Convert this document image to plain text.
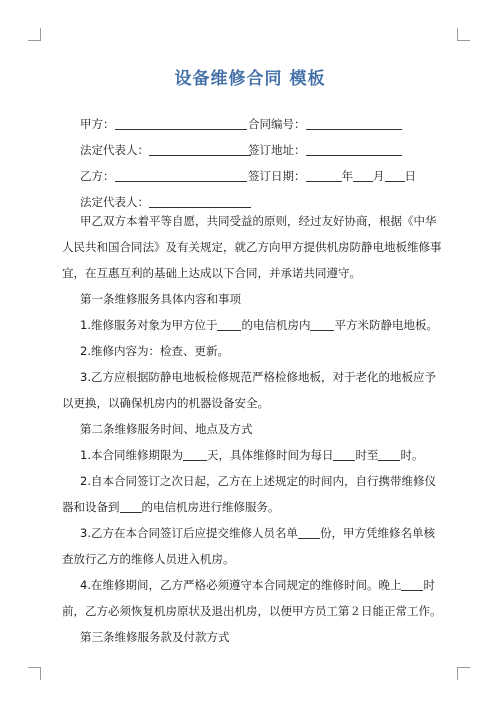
设备维修合同 模板
甲方：	合同编号：
法定代表人：	签订地址：
乙方：	签订日期：	年 月 日
法定代表人：

甲乙双方本着平等自愿，共同受益的原则，经过友好协商，根据《中华人民共和国合同法》及有关规定，就乙方向甲方提供机房防静电地板维修事宜，在互惠互利的基础上达成以下合同，并承诺共同遵守。

第一条维修服务具体内容和事项

1.维修服务对象为甲方位于 的电信机房内 平方米防静电地板。

2.维修内容为：检查、更新。

3.乙方应根据防静电地板检修规范严格检修地板，对于老化的地板应予以更换，以确保机房内的机器设备安全。

第二条维修服务时间、地点及方式

1.本合同维修期限为 天，具体维修时间为每日 时至 时。

2.自本合同签订之次日起，乙方在上述规定的时间内，自行携带维修仪器和设备到 的电信机房进行维修服务。

3.乙方在本合同签订后应提交维修人员名单 份，甲方凭维修名单核查放行乙方的维修人员进入机房。

4.在维修期间，乙方严格必须遵守本合同规定的维修时间。晚上 时前，乙方必须恢复机房原状及退出机房，以便甲方员工第２日能正常工作。

第三条维修服务款及付款方式
